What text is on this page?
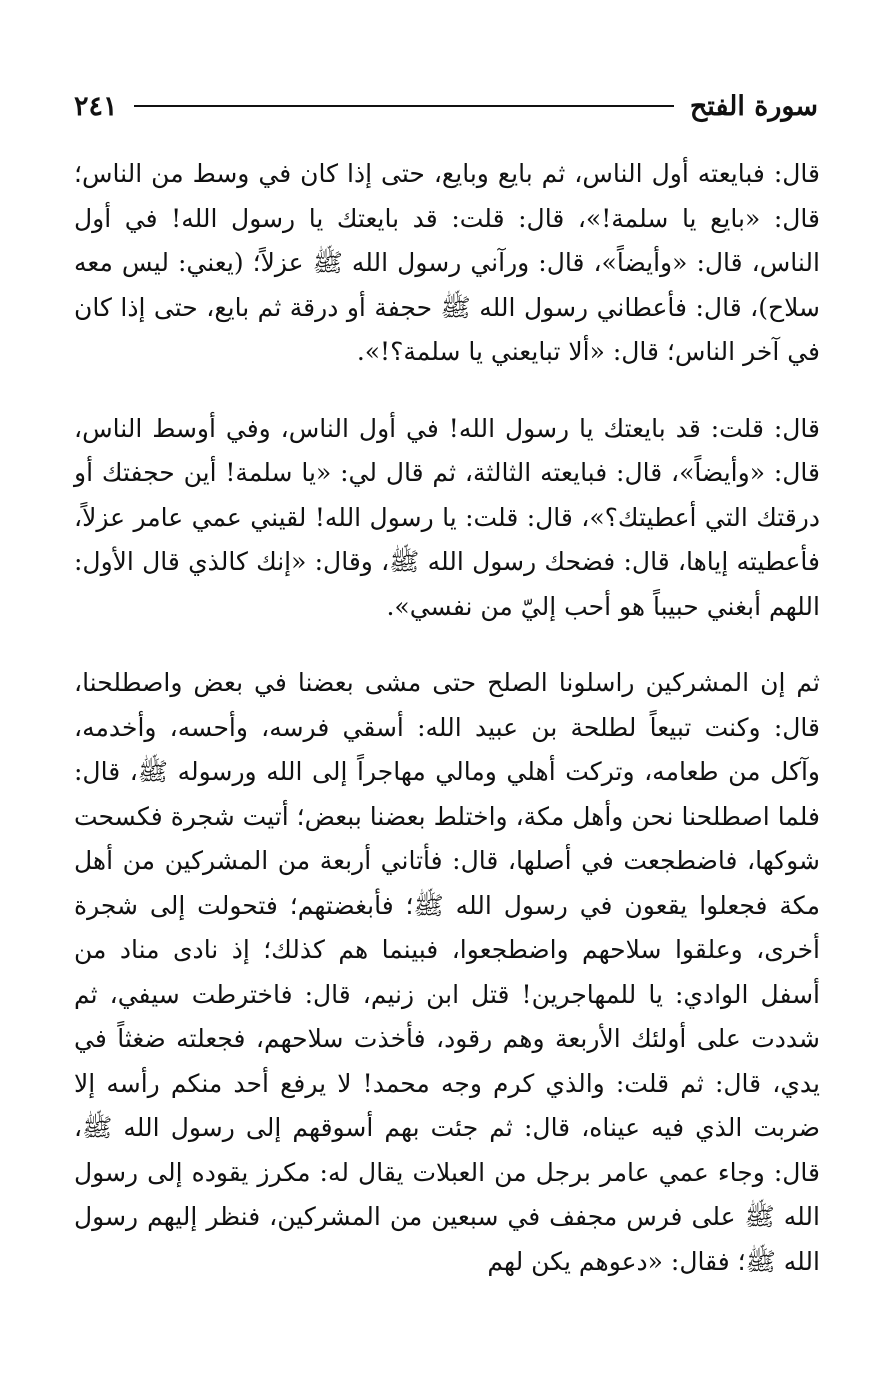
سورة الفتح
٢٤١

قال: فبايعته أول الناس، ثم بايع وبايع، حتى إذا كان في وسط من الناس؛ قال: «بايع يا سلمة!»، قال: قلت: قد بايعتك يا رسول الله! في أول الناس، قال: «وأيضاً»، قال: ورآني رسول الله ﷺ عزلاً؛ (يعني: ليس معه سلاح)، قال: فأعطاني رسول الله ﷺ حجفة أو درقة ثم بايع، حتى إذا كان في آخر الناس؛ قال: «ألا تبايعني يا سلمة؟!».

قال: قلت: قد بايعتك يا رسول الله! في أول الناس، وفي أوسط الناس، قال: «وأيضاً»، قال: فبايعته الثالثة، ثم قال لي: «يا سلمة! أين حجفتك أو درقتك التي أعطيتك؟»، قال: قلت: يا رسول الله! لقيني عمي عامر عزلاً، فأعطيته إياها، قال: فضحك رسول الله ﷺ، وقال: «إنك كالذي قال الأول: اللهم أبغني حبيباً هو أحب إليّ من نفسي».

ثم إن المشركين راسلونا الصلح حتى مشى بعضنا في بعض واصطلحنا، قال: وكنت تبيعاً لطلحة بن عبيد الله: أسقي فرسه، وأحسه، وأخدمه، وآكل من طعامه، وتركت أهلي ومالي مهاجراً إلى الله ورسوله ﷺ، قال: فلما اصطلحنا نحن وأهل مكة، واختلط بعضنا ببعض؛ أتيت شجرة فكسحت شوكها، فاضطجعت في أصلها، قال: فأتاني أربعة من المشركين من أهل مكة فجعلوا يقعون في رسول الله ﷺ؛ فأبغضتهم؛ فتحولت إلى شجرة أخرى، وعلقوا سلاحهم واضطجعوا، فبينما هم كذلك؛ إذ نادى مناد من أسفل الوادي: يا للمهاجرين! قتل ابن زنيم، قال: فاخترطت سيفي، ثم شددت على أولئك الأربعة وهم رقود، فأخذت سلاحهم، فجعلته ضغثاً في يدي، قال: ثم قلت: والذي كرم وجه محمد! لا يرفع أحد منكم رأسه إلا ضربت الذي فيه عيناه، قال: ثم جئت بهم أسوقهم إلى رسول الله ﷺ، قال: وجاء عمي عامر برجل من العبلات يقال له: مكرز يقوده إلى رسول الله ﷺ على فرس مجفف في سبعين من المشركين، فنظر إليهم رسول الله ﷺ؛ فقال: «دعوهم يكن لهم
